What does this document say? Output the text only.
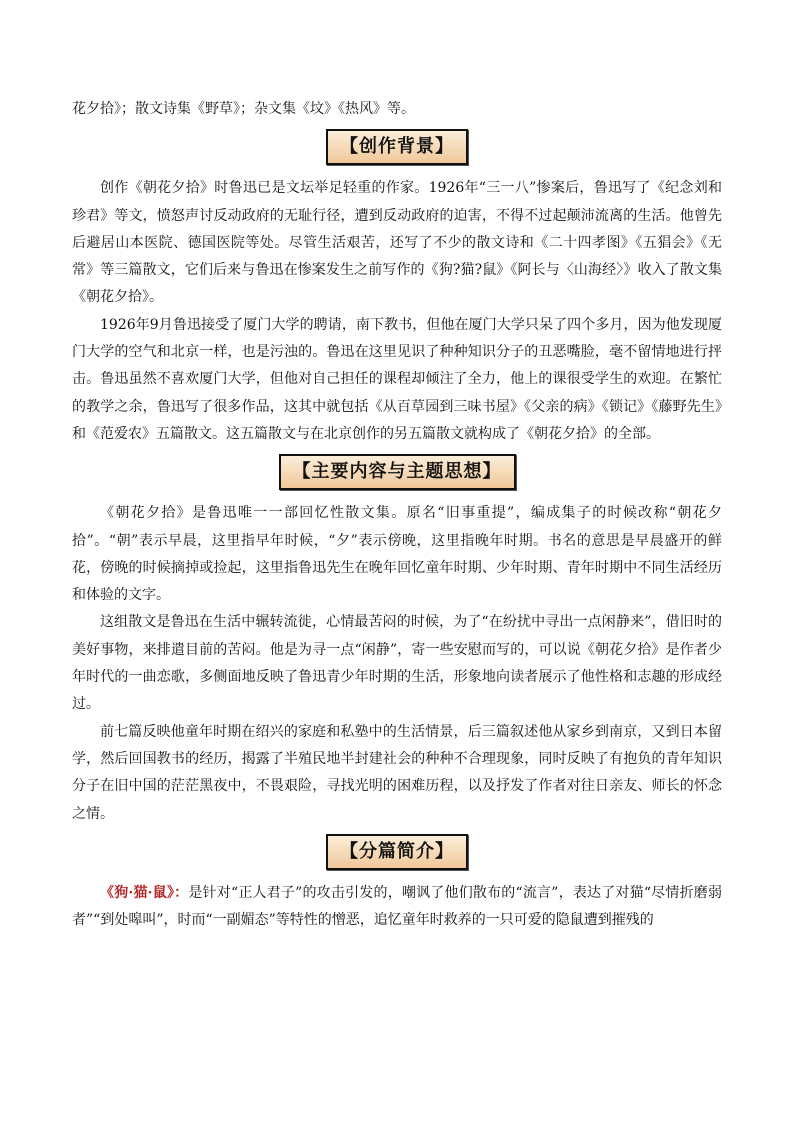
花夕拾》；散文诗集《野草》；杂文集《坟》《热风》等。

【创作背景】

创作《朝花夕拾》时鲁迅已是文坛举足轻重的作家。1926年“三一八”惨案后，鲁迅写了《纪念刘和珍君》等文，愤怒声讨反动政府的无耻行径，遭到反动政府的迫害，不得不过起颠沛流离的生活。他曾先后避居山本医院、德国医院等处。尽管生活艰苦，还写了不少的散文诗和《二十四孝图》《五猖会》《无常》等三篇散文，它们后来与鲁迅在惨案发生之前写作的《狗?猫?鼠》《阿长与〈山海经〉》收入了散文集《朝花夕拾》。

1926年9月鲁迅接受了厦门大学的聘请，南下教书，但他在厦门大学只呆了四个多月，因为他发现厦门大学的空气和北京一样，也是污浊的。鲁迅在这里见识了种种知识分子的丑恶嘴脸，毫不留情地进行抨击。鲁迅虽然不喜欢厦门大学，但他对自己担任的课程却倾注了全力，他上的课很受学生的欢迎。在繁忙的教学之余，鲁迅写了很多作品，这其中就包括《从百草园到三味书屋》《父亲的病》《锁记》《藤野先生》和《范爱农》五篇散文。这五篇散文与在北京创作的另五篇散文就构成了《朝花夕拾》的全部。

【主要内容与主题思想】

《朝花夕拾》是鲁迅唯一一部回忆性散文集。原名“旧事重提”，编成集子的时候改称“朝花夕拾”。“朝”表示早晨，这里指早年时候，“夕”表示傍晚，这里指晚年时期。书名的意思是早晨盛开的鲜花，傍晚的时候摘掉或捡起，这里指鲁迅先生在晚年回忆童年时期、少年时期、青年时期中不同生活经历和体验的文字。

这组散文是鲁迅在生活中辗转流徙，心情最苦闷的时候，为了“在纷扰中寻出一点闲静来”，借旧时的美好事物，来排遣目前的苦闷。他是为寻一点“闲静”，寄一些安慰而写的，可以说《朝花夕拾》是作者少年时代的一曲恋歌，多侧面地反映了鲁迅青少年时期的生活，形象地向读者展示了他性格和志趣的形成经过。

前七篇反映他童年时期在绍兴的家庭和私塾中的生活情景，后三篇叙述他从家乡到南京，又到日本留学，然后回国教书的经历，揭露了半殖民地半封建社会的种种不合理现象，同时反映了有抱负的青年知识分子在旧中国的茫茫黑夜中，不畏艰险，寻找光明的困难历程，以及抒发了作者对往日亲友、师长的怀念之情。

【分篇简介】

《狗·猫·鼠》：是针对“正人君子”的攻击引发的，嘲讽了他们散布的“流言”，表达了对猫“尽情折磨弱者”“到处嗥叫”，时而“一副媚态”等特性的憎恶，追忆童年时救养的一只可爱的隐鼠遭到摧残的
